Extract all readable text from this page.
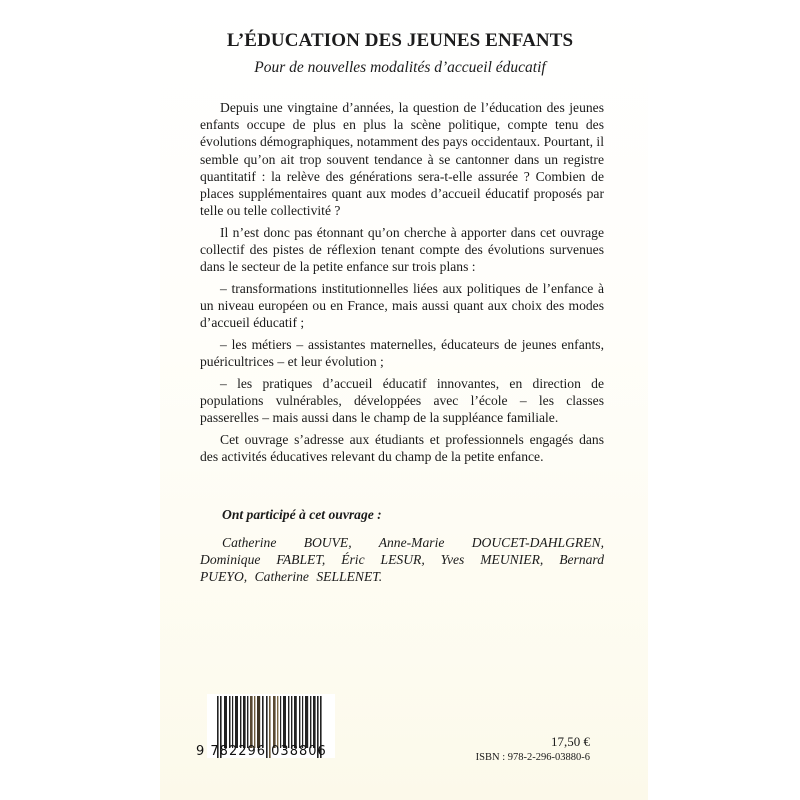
L’ÉDUCATION DES JEUNES ENFANTS
Pour de nouvelles modalités d’accueil éducatif

Depuis une vingtaine d’années, la question de l’éducation des jeunes enfants occupe de plus en plus la scène politique, compte tenu des évolutions démographiques, notamment des pays occidentaux. Pourtant, il semble qu’on ait trop souvent tendance à se cantonner dans un registre quantitatif : la relève des générations sera-t-elle assurée ? Combien de places supplémentaires quant aux modes d’accueil éducatif proposés par telle ou telle collectivité ?

Il n’est donc pas étonnant qu’on cherche à apporter dans cet ouvrage collectif des pistes de réflexion tenant compte des évolutions survenues dans le secteur de la petite enfance sur trois plans :

– transformations institutionnelles liées aux politiques de l’enfance à un niveau européen ou en France, mais aussi quant aux choix des modes d’accueil éducatif ;

– les métiers – assistantes maternelles, éducateurs de jeunes enfants, puéricultrices – et leur évolution ;

– les pratiques d’accueil éducatif innovantes, en direction de populations vulnérables, développées avec l’école – les classes passerelles – mais aussi dans le champ de la suppléance familiale.

Cet ouvrage s’adresse aux étudiants et professionnels engagés dans des activités éducatives relevant du champ de la petite enfance.

Ont participé à cet ouvrage :
Catherine BOUVE, Anne-Marie DOUCET-DAHLGREN, Dominique FABLET, Éric LESUR, Yves MEUNIER, Bernard PUEYO, Catherine SELLENET.
9 782296 038806
17,50 €
ISBN : 978-2-296-03880-6
